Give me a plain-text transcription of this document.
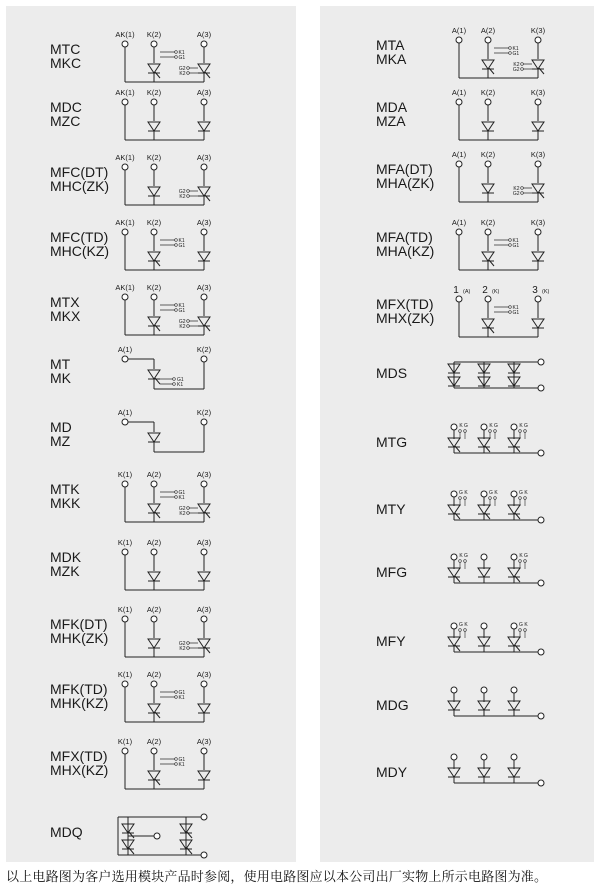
MTC
MKC
AK(1) K(2)	A(3)
K1
G1
G2
K2
MDC
MZC
AK(1) K(2)	A(3)
MFC(DT)
MHC(ZK)
AK(1) K(2)	A(3)
G2
K2
MFC(TD)
MHC(KZ)
AK(1) K(2)	A(3)
K1
G1
MTX
MKX
AK(1) K(2)	A(3)
K1
G1
G2
K2
MT
MK
A(1)	K(2)
G1
K1
MD
MZ
A(1)	K(2)
MTK
MKK
K(1) A(2)	A(3)
G1
K1
G2
K2
MDK
MZK
K(1) A(2)	A(3)
MFK(DT)
MHK(ZK)
K(1) A(2)	A(3)
G2
K2
MFK(TD)
MHK(KZ)
K(1) A(2)	A(3)
G1
K1
MFX(TD)
MHX(KZ)
K(1) A(2)	A(3)
G1
K1
MDQ
MTA
MKA
A(1) A(2)	K(3)
K1
G1
K2
G2
MDA
MZA
A(1) K(2)	K(3)
MFA(DT)
MHA(ZK)
A(1) K(2)	K(3)
K2
G2
MFA(TD)
MHA(KZ)
A(1) K(2)	K(3)
K1
G1
MFX(TD)
MHX(ZK)
1 (A) 2 (K)	3 (K)
K1
G1
MDS
MTG
K G	K G	K G
MTY
G K	G K	G K
MFG
K G	K G
MFY
G K	G K
MDG
MDY
以上电路图为客户选用模块产品时参阅，使用电路图应以本公司出厂实物上所示电路图为准。
